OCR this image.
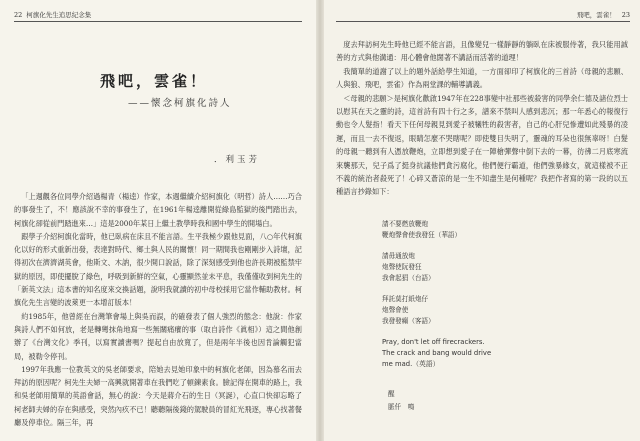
22 柯旗化先生追思紀念集
飛吧，雲雀！
——懷念柯旗化詩人
．利玉芳

「上週觀各位同學介紹過楊青（楊逵）作家，本週繼續介紹柯旗化（明哲）詩人……巧合的事發生了，不！應該說不幸的事發生了，在1961年楊逵離開從綠島監獄的後門踏出去，柯旗化卻從前門踏進來…」這是2000年某日上繼土教學時我和國中學生的開場白。

跟學子介紹柯旗化當時，他已臥病在床且不能言語。生平我極少跟他見面，八○年代柯旗化以好的形式重新出發，表達對時代、鄉土與人民的關懷！同一期間我也剛剛步入詩壇，記得初次在濟濟湖英會，他斯文、木訥，很少開口說話，除了深刻感受到他也許長期被監禁牢獄的原因，即使擺脫了綠色，呼吸到新鮮的空氣，心靈顯然並未平息，我僅僅收到柯先生的「新英文法」這本書的知名度來交換話題，說明我就讀的初中母校採用它當作輔助教材。柯旗化先生言變的波萊更一本增訂版本！

約1985年，他曾經在台灣筆會場上與吳而誤，的確發表了個人強烈的態念：他說：作家與詩人們不如何放，老是轉彎抹角地寫一些無關痛癢的事（取自詩作《眞相》）這之間他創辦了《台灣文化》季刊，以寫實讀書嗎？提起自由放寬了，但是兩年半後也因肯論觸犯當局，被勒令停刊。

1997年我應一位教英文的吳老師要求，陪她去見她印象中的柯旗化老師，因為慕名而去拜訪的原因呢？柯先生夫婦一高興就開著車在我們吃了頓鍊素食。臉記得在開車的路上，我和吳老師用簡單的英語會話，無心的說：今天是蔣介石的生日（冥誕），心直口快卻忘略了柯老師夫婦的存在與感受，突然內疚不已！聽聽隔後錢的駕駛員的冒紅光飛逐，專心找著餐廳及停車位。隔三年，再

飛吧，雲雀！ 23

度去拜訪柯先生時他已經不能言語，且像變兒一樣靜靜的躺臥在床被服侍著，我只能用誠善的方式與他溝通：用心體會他闊著不講話而活著的道理！

我簡單的道謝了以上的題外話給學生知道，一方面卻印了柯旗化的三首詩（母親的悲願、人與狼、飛吧，雲雀）作為兩堂課的輔導講義。

＜母親的悲願＞是柯旗化歡啟1947年在228事變中社那些被殺害的同學余仁德及諸位烈士以慰其在天之靈的詩，這首詩有四十行之多，譜來不禁叫人感到悲沉；那一年悉心的報復行動也令人髮指！看天下任何母親見到愛子被犧牲的殺害者，自己的心肝兒慘遭如此殘暴的凌遲，而且一去不復返，眼睛怎麼不哭瞎呢？即使雙目失明了，靈魂的耳朵也很無辜呀！白髮的母親一聽到有人憑放鞭炮，立即想到愛子在一陣槍彈聲中倒下去的一幕，彷彿二月底寒流來襲那天，兒子爲了挺身抗議他們貪污腐化，他們便行霸道，他們強暴緣女，就這樣被不正不義的統治者殺死了！心碎又蒼涼的是一生不知盡生是何種呢？我把作者寫的第一段的以五種語言抄錄如下：

請不要燃放鞭炮
鞭炮聲會使我發狂（華語）
請毋通放炮
炮聲使阮發狂
我會起狷（台語）
拜託莫打紙炮仔
炮聲會使
我發發癲（客語）
Pray, don't let off firecrackers.
The crack and bang would drive
me mad.（英語）
醒
脈仟　鳴
